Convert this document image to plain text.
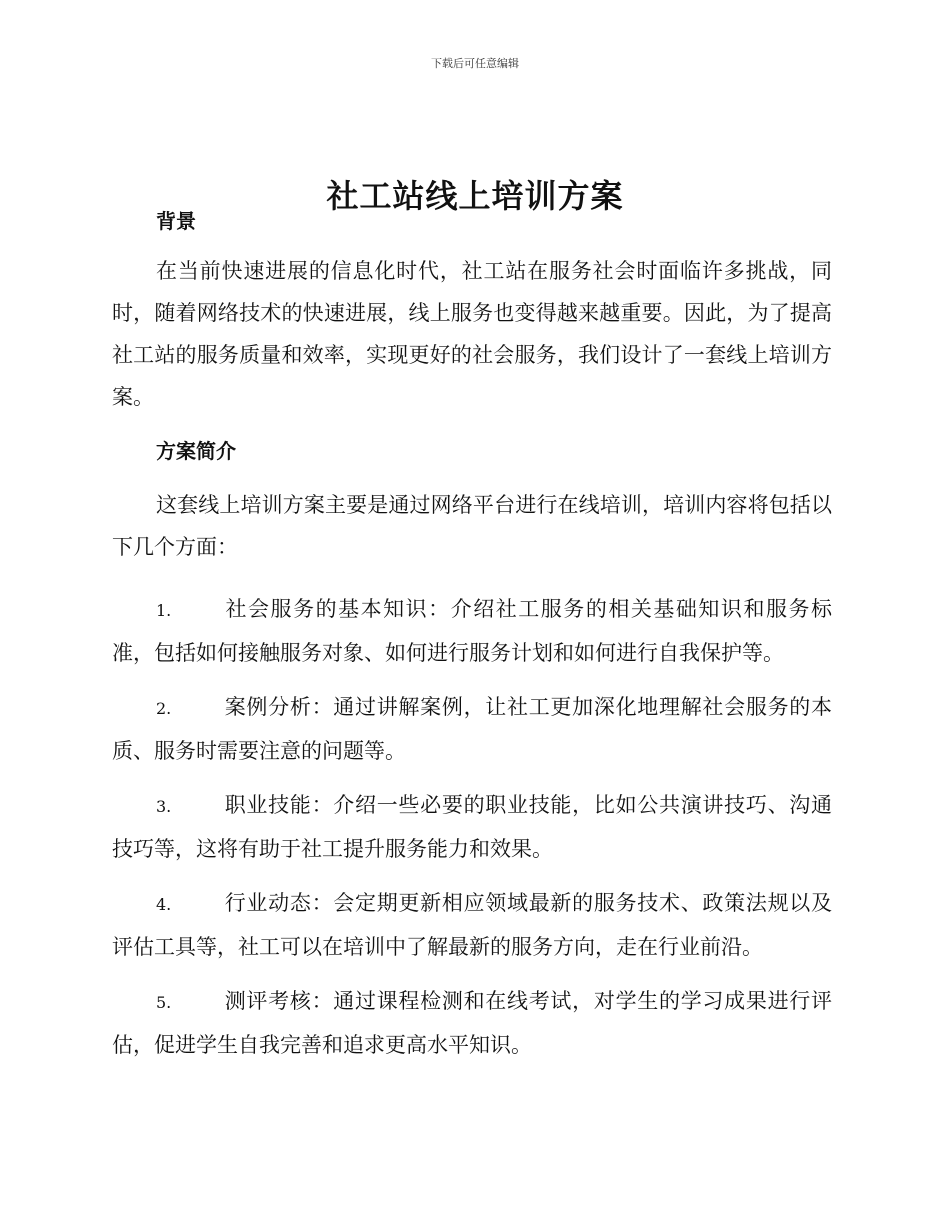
下载后可任意编辑
社工站线上培训方案
背景

在当前快速进展的信息化时代，社工站在服务社会时面临许多挑战，同时，随着网络技术的快速进展，线上服务也变得越来越重要。因此，为了提高社工站的服务质量和效率，实现更好的社会服务，我们设计了一套线上培训方案。

方案简介

这套线上培训方案主要是通过网络平台进行在线培训，培训内容将包括以下几个方面：

1.	社会服务的基本知识：介绍社工服务的相关基础知识和服务标准，包括如何接触服务对象、如何进行服务计划和如何进行自我保护等。
2.	案例分析：通过讲解案例，让社工更加深化地理解社会服务的本质、服务时需要注意的问题等。
3.	职业技能：介绍一些必要的职业技能，比如公共演讲技巧、沟通技巧等，这将有助于社工提升服务能力和效果。
4.	行业动态：会定期更新相应领域最新的服务技术、政策法规以及评估工具等，社工可以在培训中了解最新的服务方向，走在行业前沿。
5.	测评考核：通过课程检测和在线考试，对学生的学习成果进行评估，促进学生自我完善和追求更高水平知识。
